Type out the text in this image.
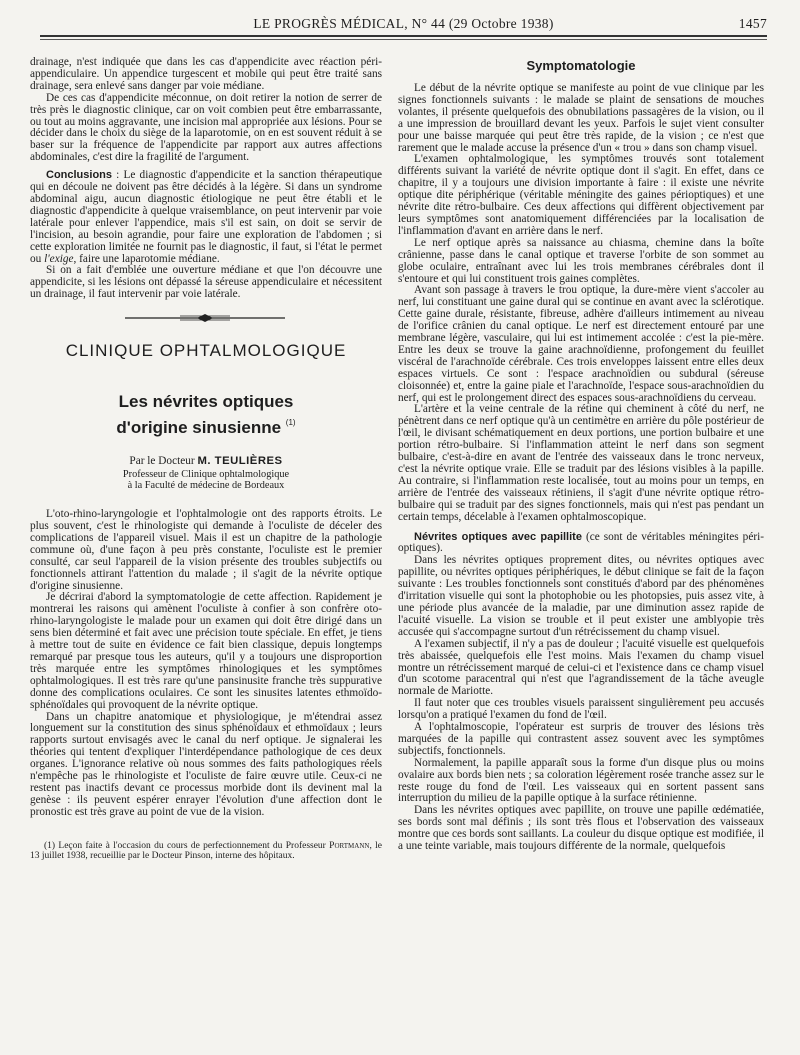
LE PROGRÈS MÉDICAL, N° 44 (29 Octobre 1938)	1457

drainage, n'est indiquée que dans les cas d'appendicite avec réaction péri-appendiculaire. Un appendice turgescent et mobile qui peut être traité sans drainage, sera enlevé sans danger par voie médiane.

De ces cas d'appendicite méconnue, on doit retirer la notion de serrer de très près le diagnostic clinique, car on voit combien peut être embarrassante, ou tout au moins aggravante, une incision mal appropriée aux lésions. Pour se décider dans le choix du siège de la laparotomie, on en est souvent réduit à se baser sur la fréquence de l'appendicite par rapport aux autres affections abdominales, c'est dire la fragilité de l'argument.

Conclusions : Le diagnostic d'appendicite et la sanction thérapeutique qui en découle ne doivent pas être décidés à la légère. Si dans un syndrome abdominal aigu, aucun diagnostic étiologique ne peut être établi et le diagnostic d'appendicite à quelque vraisemblance, on peut intervenir par voie latérale pour enlever l'appendice, mais s'il est sain, on doit se servir de l'incision, au besoin agrandie, pour faire une exploration de l'abdomen ; si cette exploration limitée ne fournit pas le diagnostic, il faut, si l'état le permet ou l'exige, faire une laparotomie médiane.

Si on a fait d'emblée une ouverture médiane et que l'on découvre une appendicite, si les lésions ont dépassé la séreuse appendiculaire et nécessitent un drainage, il faut intervenir par voie latérale.

CLINIQUE OPHTALMOLOGIQUE
Les névrites optiques
d'origine sinusienne $^{(1)}$
Par le Docteur M. TEULIÈRES
Professeur de Clinique ophtalmologique
à la Faculté de médecine de Bordeaux

L'oto-rhino-laryngologie et l'ophtalmologie ont des rapports étroits. Le plus souvent, c'est le rhinologiste qui demande à l'oculiste de déceler des complications de l'appareil visuel. Mais il est un chapitre de la pathologie commune où, d'une façon à peu près constante, l'oculiste est le premier consulté, car seul l'appareil de la vision présente des troubles subjectifs ou fonctionnels attirant l'attention du malade ; il s'agit de la névrite optique d'origine sinusienne.

Je décrirai d'abord la symptomatologie de cette affection. Rapidement je montrerai les raisons qui amènent l'oculiste à confier à son confrère oto-rhino-laryngologiste le malade pour un examen qui doit être dirigé dans un sens bien déterminé et fait avec une précision toute spéciale. En effet, je tiens à mettre tout de suite en évidence ce fait bien classique, depuis longtemps remarqué par presque tous les auteurs, qu'il y a toujours une disproportion très marquée entre les symptômes rhinologiques et les symptômes ophtalmologiques. Il est très rare qu'une pansinusite franche très suppurative donne des complications oculaires. Ce sont les sinusites latentes ethmoïdo-sphénoïdales qui provoquent de la névrite optique.

Dans un chapitre anatomique et physiologique, je m'étendrai assez longuement sur la constitution des sinus sphénoïdaux et ethmoïdaux ; leurs rapports surtout envisagés avec le canal du nerf optique. Je signalerai les théories qui tentent d'expliquer l'interdépendance pathologique de ces deux organes. L'ignorance relative où nous sommes des faits pathologiques réels n'empêche pas le rhinologiste et l'oculiste de faire œuvre utile. Ceux-ci ne restent pas inactifs devant ce processus morbide dont ils devinent mal la genèse : ils peuvent espérer enrayer l'évolution d'une affection dont le pronostic est très grave au point de vue de la vision.

(1) Leçon faite à l'occasion du cours de perfectionnement du Professeur Portmann, le 13 juillet 1938, recueillie par le Docteur Pinson, interne des hôpitaux.

Symptomatologie

Le début de la névrite optique se manifeste au point de vue clinique par les signes fonctionnels suivants : le malade se plaint de sensations de mouches volantes, il présente quelquefois des obnubilations passagères de la vision, ou il a une impression de brouillard devant les yeux. Parfois le sujet vient consulter pour une baisse marquée qui peut être très rapide, de la vision ; ce n'est que rarement que le malade accuse la présence d'un « trou » dans son champ visuel.

L'examen ophtalmologique, les symptômes trouvés sont totalement différents suivant la variété de névrite optique dont il s'agit. En effet, dans ce chapitre, il y a toujours une division importante à faire : il existe une névrite optique dite périphérique (véritable méningite des gaines périoptiques) et une névrite dite rétro-bulbaire. Ces deux affections qui diffèrent objectivement par leurs symptômes sont anatomiquement différenciées par la localisation de l'inflammation d'avant en arrière dans le nerf.

Le nerf optique après sa naissance au chiasma, chemine dans la boîte crânienne, passe dans le canal optique et traverse l'orbite de son sommet au globe oculaire, entraînant avec lui les trois membranes cérébrales dont il s'entoure et qui lui constituent trois gaines complètes.

Avant son passage à travers le trou optique, la dure-mère vient s'accoler au nerf, lui constituant une gaine dural qui se continue en avant avec la sclérotique. Cette gaine durale, résistante, fibreuse, adhère d'ailleurs intimement au niveau de l'orifice crânien du canal optique. Le nerf est directement entouré par une membrane légère, vasculaire, qui lui est intimement accolée : c'est la pie-mère. Entre les deux se trouve la gaine arachnoïdienne, profongement du feuillet viscéral de l'arachnoïde cérébrale. Ces trois enveloppes laissent entre elles deux espaces virtuels. Ce sont : l'espace arachnoïdien ou subdural (séreuse cloisonnée) et, entre la gaine piale et l'arachnoïde, l'espace sous-arachnoïdien du nerf, qui est le prolongement direct des espaces sous-arachnoïdiens du cerveau.

L'artère et la veine centrale de la rétine qui cheminent à côté du nerf, ne pénètrent dans ce nerf optique qu'à un centimètre en arrière du pôle postérieur de l'œil, le divisant schématiquement en deux portions, une portion bulbaire et une portion rétro-bulbaire. Si l'inflammation atteint le nerf dans son segment bulbaire, c'est-à-dire en avant de l'entrée des vaisseaux dans le tronc nerveux, c'est la névrite optique vraie. Elle se traduit par des lésions visibles à la papille. Au contraire, si l'inflammation reste localisée, tout au moins pour un temps, en arrière de l'entrée des vaisseaux rétiniens, il s'agit d'une névrite optique rétro-bulbaire qui se traduit par des signes fonctionnels, mais qui n'est pas pendant un certain temps, décelable à l'examen ophtalmoscopique.

Névrites optiques avec papillite (ce sont de véritables méningites péri-optiques).

Dans les névrites optiques proprement dites, ou névrites optiques avec papillite, ou névrites optiques périphériques, le début clinique se fait de la façon suivante : Les troubles fonctionnels sont constitués d'abord par des phénomènes d'irritation visuelle qui sont la photophobie ou les photopsies, puis assez vite, à une période plus avancée de la maladie, par une diminution assez rapide de l'acuité visuelle. La vision se trouble et il peut exister une amblyopie très accusée qui s'accompagne surtout d'un rétrécissement du champ visuel.

A l'examen subjectif, il n'y a pas de douleur ; l'acuité visuelle est quelquefois très abaissée, quelquefois elle l'est moins. Mais l'examen du champ visuel montre un rétrécissement marqué de celui-ci et l'existence dans ce champ visuel d'un scotome paracentral qui n'est que l'agrandissement de la tâche aveugle normale de Mariotte.

Il faut noter que ces troubles visuels paraissent singulièrement peu accusés lorsqu'on a pratiqué l'examen du fond de l'œil.

A l'ophtalmoscopie, l'opérateur est surpris de trouver des lésions très marquées de la papille qui contrastent assez souvent avec les symptômes subjectifs, fonctionnels.

Normalement, la papille apparaît sous la forme d'un disque plus ou moins ovalaire aux bords bien nets ; sa coloration légèrement rosée tranche assez sur le reste rouge du fond de l'œil. Les vaisseaux qui en sortent passent sans interruption du milieu de la papille optique à la surface rétinienne.

Dans les névrites optiques avec papillite, on trouve une papille œdématiée, ses bords sont mal définis ; ils sont très flous et l'observation des vaisseaux montre que ces bords sont saillants. La couleur du disque optique est modifiée, il a une teinte variable, mais toujours différente de la normale, quelquefois
